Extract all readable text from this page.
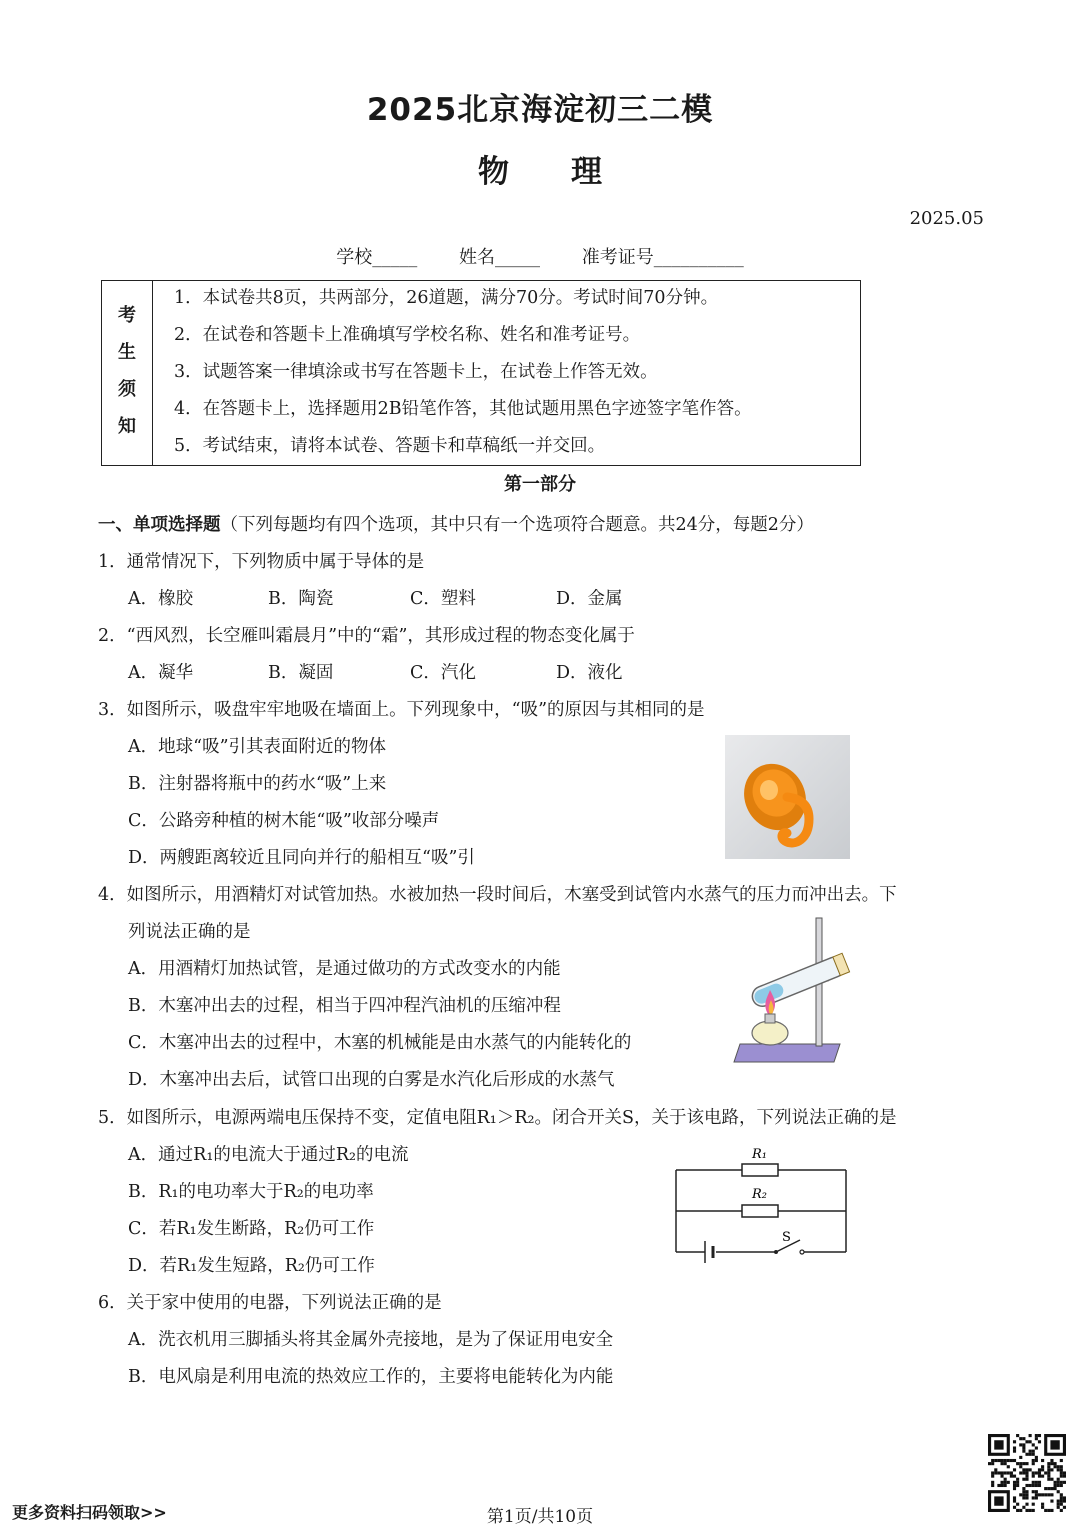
2025北京海淀初三二模
物理
2025.05
学校_____ 姓名_____ 准考证号__________
考
生
须
知
1．本试卷共8页，共两部分，26道题，满分70分。考试时间70分钟。
2．在试卷和答题卡上准确填写学校名称、姓名和准考证号。
3．试题答案一律填涂或书写在答题卡上，在试卷上作答无效。
4．在答题卡上，选择题用2B铅笔作答，其他试题用黑色字迹签字笔作答。
5．考试结束，请将本试卷、答题卡和草稿纸一并交回。
第一部分
一、单项选择题（下列每题均有四个选项，其中只有一个选项符合题意。共24分，每题2分）
1．通常情况下，下列物质中属于导体的是
A．橡胶	B．陶瓷	C．塑料	D．金属
2．“西风烈，长空雁叫霜晨月”中的“霜”，其形成过程的物态变化属于
A．凝华	B．凝固	C．汽化	D．液化
3．如图所示，吸盘牢牢地吸在墙面上。下列现象中，“吸”的原因与其相同的是
A．地球“吸”引其表面附近的物体
B．注射器将瓶中的药水“吸”上来
C．公路旁种植的树木能“吸”收部分噪声
D．两艘距离较近且同向并行的船相互“吸”引
4．如图所示，用酒精灯对试管加热。水被加热一段时间后，木塞受到试管内水蒸气的压力而冲出去。下
列说法正确的是
A．用酒精灯加热试管，是通过做功的方式改变水的内能
B．木塞冲出去的过程，相当于四冲程汽油机的压缩冲程
C．木塞冲出去的过程中，木塞的机械能是由水蒸气的内能转化的
D．木塞冲出去后，试管口出现的白雾是水汽化后形成的水蒸气
5．如图所示，电源两端电压保持不变，定值电阻R₁＞R₂。闭合开关S，关于该电路，下列说法正确的是
A．通过R₁的电流大于通过R₂的电流
B．R₁的电功率大于R₂的电功率
C．若R₁发生断路，R₂仍可工作
D．若R₁发生短路，R₂仍可工作
R₁
R₂
S
6．关于家中使用的电器，下列说法正确的是
A．洗衣机用三脚插头将其金属外壳接地，是为了保证用电安全
B．电风扇是利用电流的热效应工作的，主要将电能转化为内能
更多资料扫码领取>>	第1页/共10页
